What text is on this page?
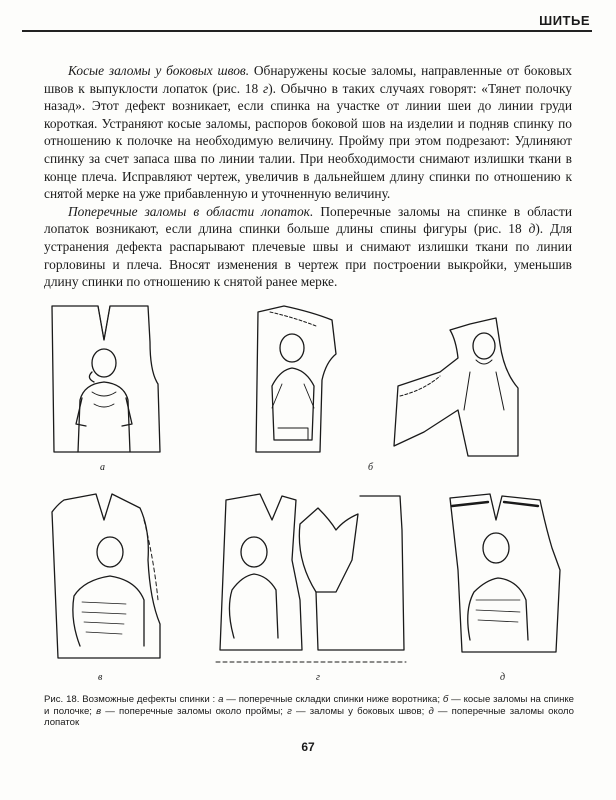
ШИТЬЕ

Косые заломы у боковых швов. Обнаружены косые заломы, направленные от боковых швов к выпуклости лопаток (рис. 18 г). Обычно в таких случаях говорят: «Тянет полочку назад». Этот дефект возникает, если спинка на участке от линии шеи до линии груди короткая. Устраняют косые заломы, распоров боковой шов на изделии и подняв спинку по отношению к полочке на необходимую величину. Пройму при этом подрезают: Удлиняют спинку за счет запаса шва по линии талии. При необходимости снимают излишки ткани в конце плеча. Исправляют чертеж, увеличив в дальнейшем длину спинки по отношению к снятой мерке на уже прибавленную и уточненную величину.

Поперечные заломы в области лопаток. Поперечные заломы на спинке в области лопаток возникают, если длина спинки больше длины спины фигуры (рис. 18 д). Для устранения дефекта распарывают плечевые швы и снимают излишки ткани по линии горловины и плеча. Вносят изменения в чертеж при построении выкройки, уменьшив длину спинки по отношению к снятой ранее мерке.

а	б
в	г	д
Рис. 18. Возможные дефекты спинки : а — поперечные складки спинки ниже воротника; б — косые заломы на спинке и полочке; в — поперечные заломы около проймы; г — заломы у боковых швов; д — поперечные заломы около лопаток
67
